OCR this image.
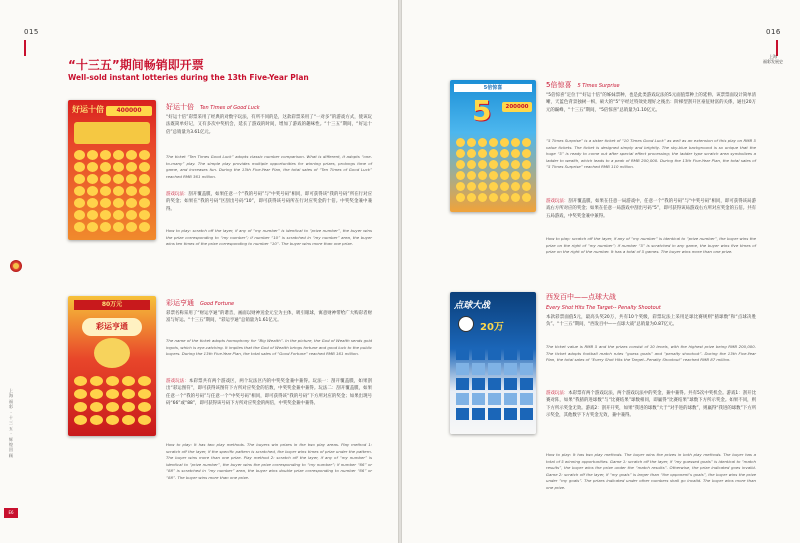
015
“十三五”期间畅销即开票
Well-sold instant lotteries during the 13th Five-Year Plan
上
海
福
彩
·
十
三
五
·
辉
煌
回
顾
E6
好运十倍	400000	好运十倍 Ten Times of Good Luck
“好运十倍”彩票采用了经典的对数字玩法，有所不同的是，这款彩票采用了“一对多”的游戏方式，使该玩法既简单好记，又有多次中奖机会，延长了游戏的时间，增加了游戏的趣味性。“十三五”期间，“好运十倍”总销量为3.61亿元。
The ticket “Ten Times Good Luck” adopts classic number comparison. What is different, it adopts “one-to-many” play. The simple play provides multiple opportunities for winning prizes, prolongs time of game, and increases fun. During the 13th Five-Year Plan, the total sales of “Ten Times of Good Luck” reached RMB 361 million.
游戏玩法：刮开覆盖膜，如果任意一个“我的号码”与“中奖号码”相同，即可获得该“我的号码”所在行对应的奖金；如果在“我的号码”区刮出号码“10”，即可获得该号码所在行对应奖金的十倍。中奖奖金兼中兼得。
How to play: scratch off the layer, if any of “my number” is identical to “prize number”, the buyer wins the prize corresponding to “my number”; if number “10” is scratched in “my number” area, the buyer wins ten times of the prize corresponding to number “10”. The buyer wins more than one prize.
80万元
彩运亨通
彩运亨通 Good Fortune
彩票名称采用了“财运亨通”的谐音，画面以财神送金元宝为主体，吸引眼球，寓意财神带给广大购彩者财富与好运。“十三五”期间，“彩运亨通”总销量为1.61亿元。
The name of the ticket adopts homophony for “Big Wealth”. In the picture, the God of Wealth sends gold ingots, which is eye-catching. It implies that the God of Wealth brings fortune and good luck to the public buyers. During the 13th Five-Year Plan, the total sales of “Good Fortune” reached RMB 161 million.
游戏玩法：本彩票共有两个游戏区，两个玩法区内的中奖奖金兼中兼得。玩法一：刮开覆盖膜，如果刮出“彩运图符”，即可获得该图符下方所对应奖金的倍数，中奖奖金兼中兼得。玩法二：刮开覆盖膜，如果任意一个“我的号码”与任意一个“中奖号码”相同，即可获得该“我的号码”下方所对应的奖金；如果出现号码“66”或“88”，即可获得该号码下方所对应奖金的两倍，中奖奖金兼中兼得。
How to play: It has two play methods. The buyers win prizes in the two play areas. Play method 1: scratch off the layer, if the specific pattern is scratched, the buyer wins times of prize under the pattern. The buyer wins more than one prize. Play method 2: scratch off the layer, if any of “my number” is identical to “prize number”, the buyer wins the prize corresponding to “my number”; if number “66” or “88” is scratched in “my number” area, the buyer wins double prize corresponding to number “66” or “88”. The buyer wins more than one prize.
016
上海
福彩发展史
5倍惊喜
5	200000
5倍惊喜 5 Times Surprise
“5倍惊喜”定位于“好运十倍”的姊妹票种，也是此类游戏玩法的5元面值票种上的延伸。该票票面设计简单清晰，天蓝色背景独树一帜，硕大的“5”字经过特效处理好之後出：阶梯型刮开区豪征财富的关係，通往20万元的巅峰，“十三五”期间，“5倍惊喜”总销量为1.10亿元。
“5 Times Surprise” is a sister ticket of “10 Times Good Luck” as well as an extension of this play on RMB 5 value tickets. The ticket is designed simply and brightly. The sky-blue background is so unique that the huge “5” is ready to come out after special effect processing; the ladder type scratch area symbolizes a ladder to wealth, which leads to a peak of RMB 200,000. During the 13th Five-Year Plan, the total sales of “5 Times Surprise” reached RMB 110 million.
游戏玩法：刮开覆盖膜，如果在任意一局游戏中，任意一个“我的号码”与“中奖号码”相同，即可获得该局游戏右方所对应的奖金；如果在任意一局游戏中刮出号码“5”，即可获得该局游戏右方所对应奖金的五倍。共有五局游戏，中奖奖金兼中兼得。
How to play: scratch off the layer, if any of “my number” is identical to “prize number”, the buyer wins the prize on the right of “my number”; if number “5” is scratched in any game, the buyer wins five times of prize on the right of the number. It has a total of 5 games. The buyer wins more than one prize.
点球大战
20万
西发百中——点球大战
Every Shot Hits The Target-- Penalty Shootout
本款彩票面值5元，最高头奖20万，共有10个奖级，彩票玩法上采用足球比赛规则“猜球数”和“点球决胜负”。“十三五”期间，“西发百中——点球大战”总销量为0.87亿元。
The ticket value is RMB 5 and the prizes consist of 10 levels, with the highest prize being RMB 200,000. The ticket adopts football match rules “guess goals” and “penalty shootout”. During the 13th Five-Year Plan, the total sales of “Every Shot Hits the Target--Penalty Shootout” reached RMB 87 million.
游戏玩法：本彩票有两个游戏玩法，两个游戏玩法中的奖金，兼中兼得。共有5次中奖机会。游戏1：刮开比赛对阵，如果“我猜的进球数”与“比赛结果”球数相同，即赢得“比赛结果”球数下方所示奖金。如果不同，则下方所示奖金无效。游戏2：刮开开奖，如果“我进的球数”大于“对手进的球数”，则赢得“我进的球数”下方所示奖金，其他数字下方奖金无效，兼中兼得。
How to play: It has two play methods. The buyer wins the prizes in both play methods. The buyer has a total of 5 winning opportunities. Game 1: scratch off the layer, if “my guessed goals” is identical to “match results”, the buyer wins the prize under the “match results”. Otherwise, the prize indicated goes invalid. Game 2: scratch off the layer, if “my goals” is larger than “the opponent’s goals”, the buyer wins the prize under “my goals”. The prizes indicated under other numbers shall go invalid. The buyer wins more than one prize.
